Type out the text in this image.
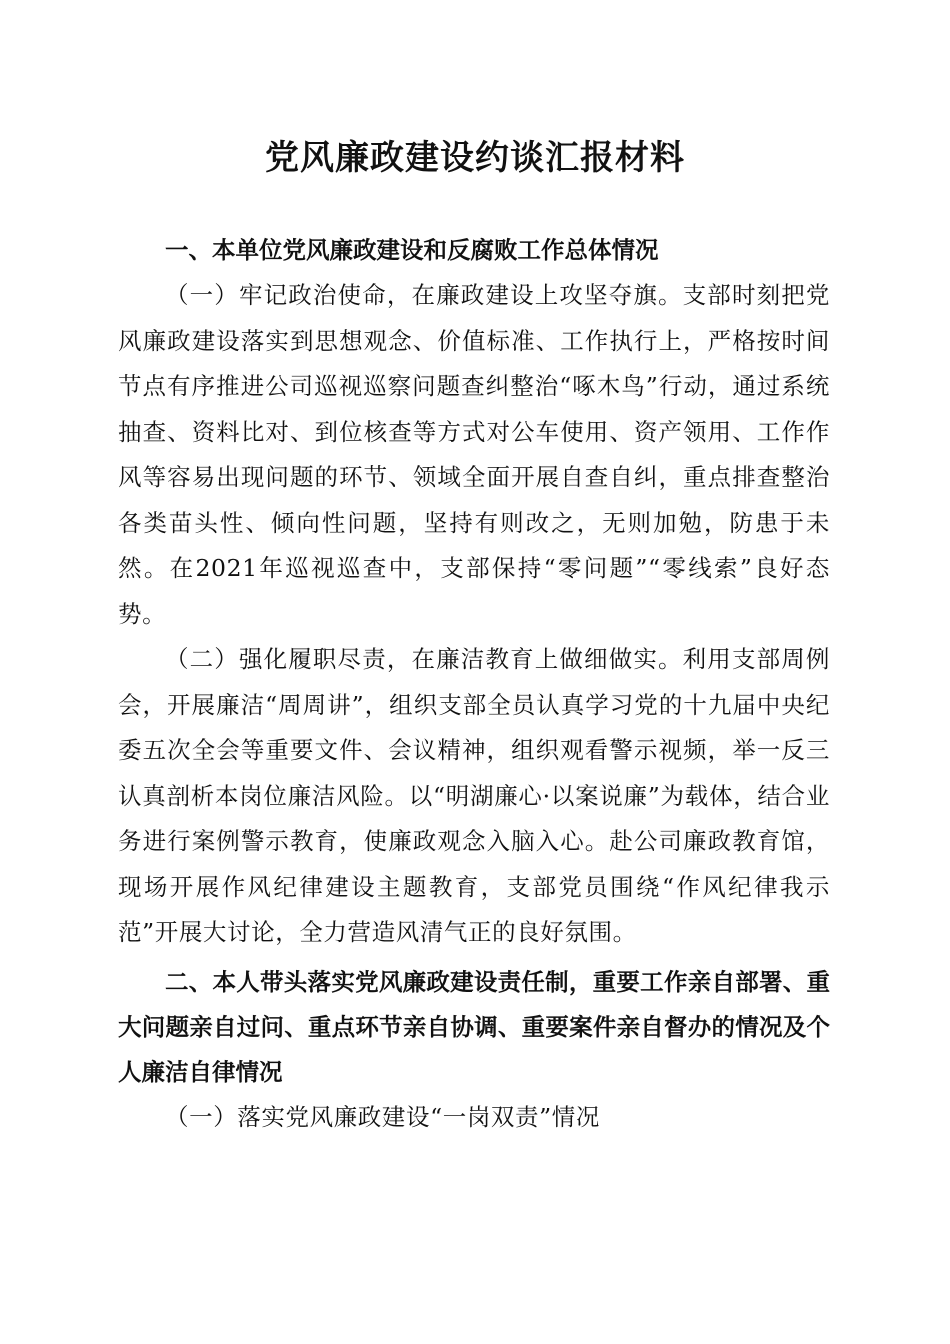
党风廉政建设约谈汇报材料

一、本单位党风廉政建设和反腐败工作总体情况

（一）牢记政治使命，在廉政建设上攻坚夺旗。支部时刻把党风廉政建设落实到思想观念、价值标准、工作执行上，严格按时间节点有序推进公司巡视巡察问题查纠整治“啄木鸟”行动，通过系统抽查、资料比对、到位核查等方式对公车使用、资产领用、工作作风等容易出现问题的环节、领域全面开展自查自纠，重点排查整治各类苗头性、倾向性问题，坚持有则改之，无则加勉，防患于未然。在2021年巡视巡查中，支部保持“零问题”“零线索”良好态势。

（二）强化履职尽责，在廉洁教育上做细做实。利用支部周例会，开展廉洁“周周讲”，组织支部全员认真学习党的十九届中央纪委五次全会等重要文件、会议精神，组织观看警示视频，举一反三认真剖析本岗位廉洁风险。以“明湖廉心·以案说廉”为载体，结合业务进行案例警示教育，使廉政观念入脑入心。赴公司廉政教育馆，现场开展作风纪律建设主题教育，支部党员围绕“作风纪律我示范”开展大讨论，全力营造风清气正的良好氛围。

二、本人带头落实党风廉政建设责任制，重要工作亲自部署、重大问题亲自过问、重点环节亲自协调、重要案件亲自督办的情况及个人廉洁自律情况

（一）落实党风廉政建设“一岗双责”情况
